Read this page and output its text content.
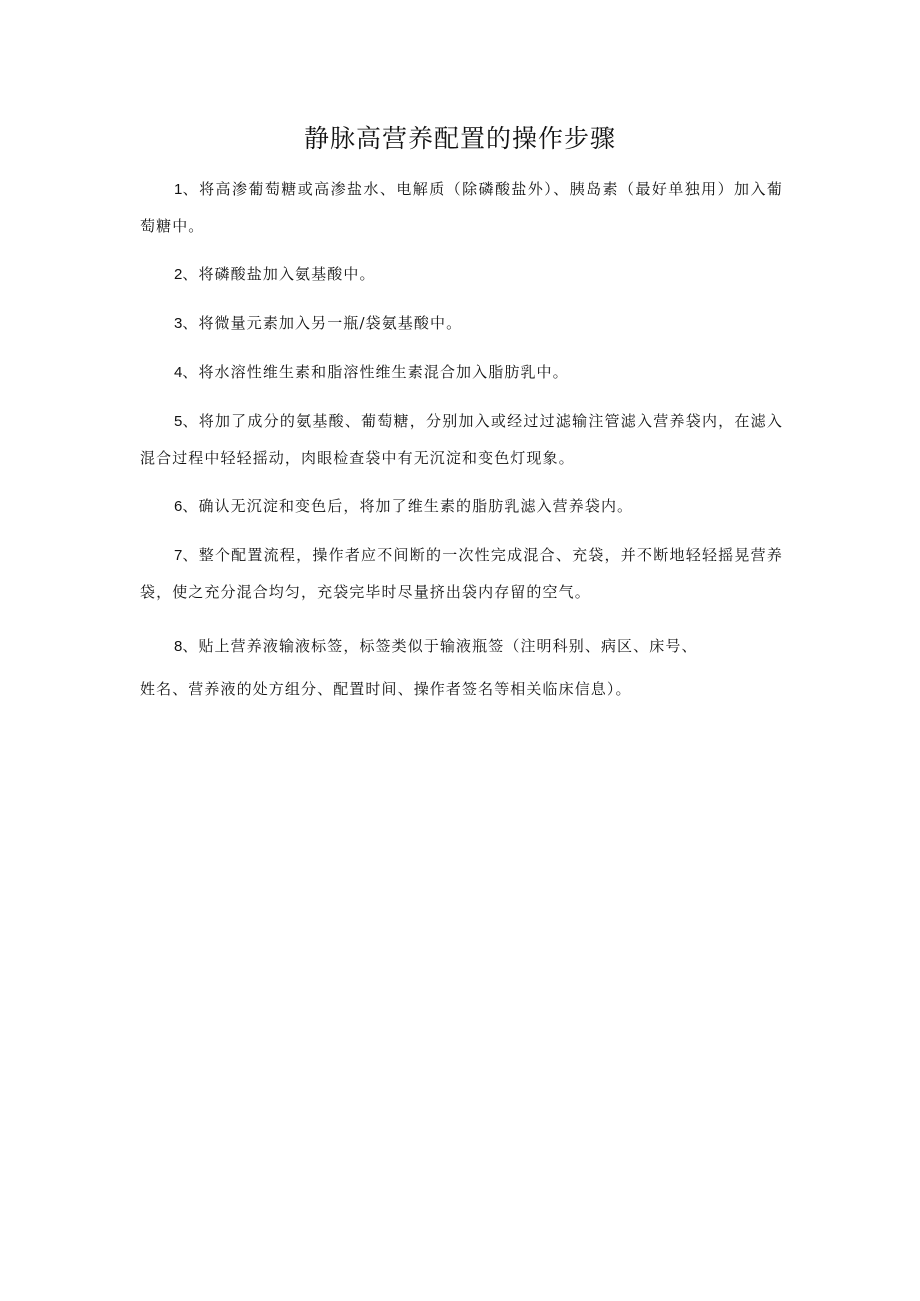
静脉高营养配置的操作步骤

1、将高渗葡萄糖或高渗盐水、电解质（除磷酸盐外）、胰岛素（最好单独用）加入葡萄糖中。

2、将磷酸盐加入氨基酸中。

3、将微量元素加入另一瓶/袋氨基酸中。

4、将水溶性维生素和脂溶性维生素混合加入脂肪乳中。

5、将加了成分的氨基酸、葡萄糖，分别加入或经过过滤输注管滤入营养袋内，在滤入混合过程中轻轻摇动，肉眼检查袋中有无沉淀和变色灯现象。

6、确认无沉淀和变色后，将加了维生素的脂肪乳滤入营养袋内。

7、整个配置流程，操作者应不间断的一次性完成混合、充袋，并不断地轻轻摇晃营养袋，使之充分混合均匀，充袋完毕时尽量挤出袋内存留的空气。

8、贴上营养液输液标签，标签类似于输液瓶签（注明科别、病区、床号、

姓名、营养液的处方组分、配置时间、操作者签名等相关临床信息）。
